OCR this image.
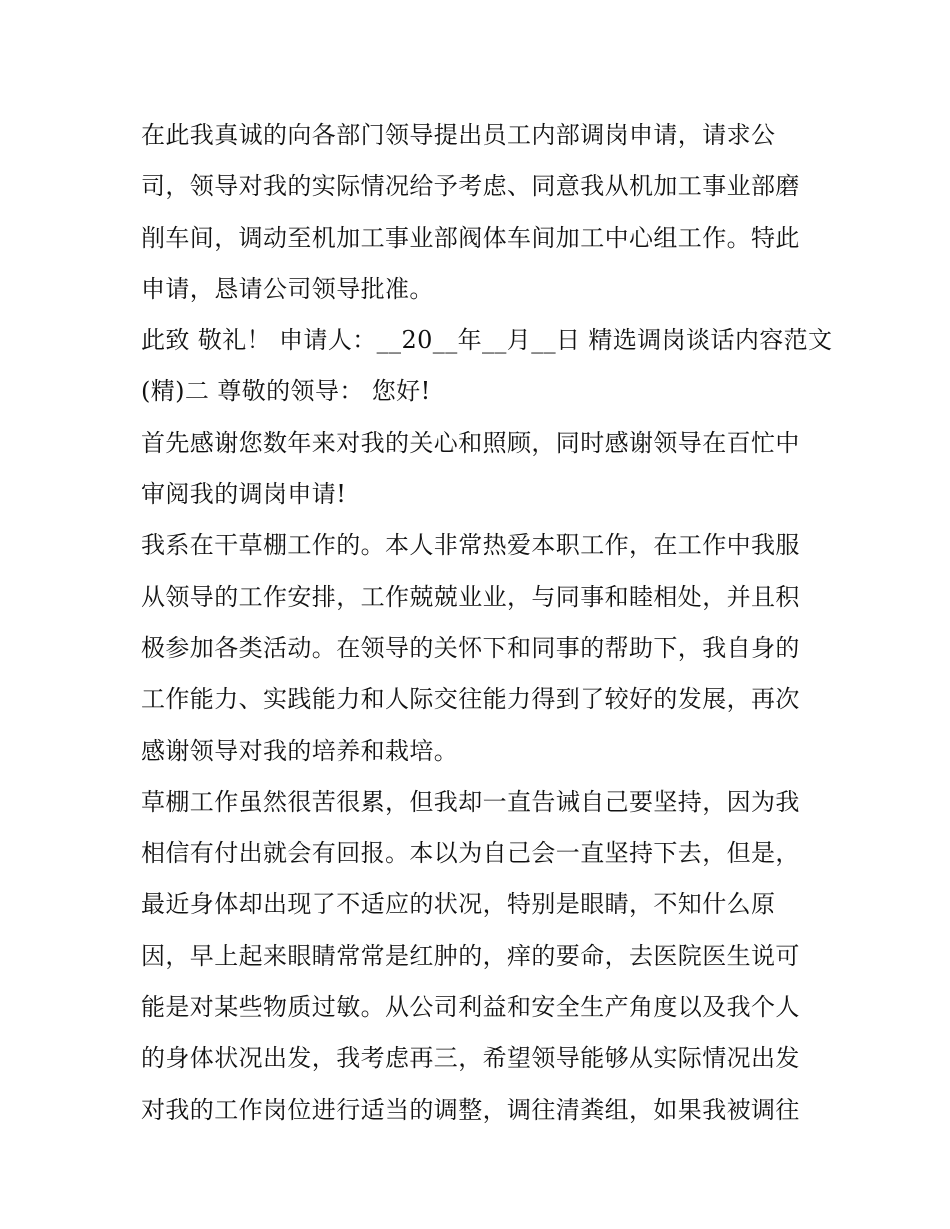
在此我真诚的向各部门领导提出员工内部调岗申请，请求公
司，领导对我的实际情况给予考虑、同意我从机加工事业部磨
削车间，调动至机加工事业部阀体车间加工中心组工作。特此
申请，恳请公司领导批准。
此致 敬礼！ 申请人：__20__年__月__日 精选调岗谈话内容范文
(精)二 尊敬的领导： 您好!
首先感谢您数年来对我的关心和照顾，同时感谢领导在百忙中
审阅我的调岗申请!
我系在干草棚工作的。本人非常热爱本职工作，在工作中我服
从领导的工作安排，工作兢兢业业，与同事和睦相处，并且积
极参加各类活动。在领导的关怀下和同事的帮助下，我自身的
工作能力、实践能力和人际交往能力得到了较好的发展，再次
感谢领导对我的培养和栽培。
草棚工作虽然很苦很累，但我却一直告诫自己要坚持，因为我
相信有付出就会有回报。本以为自己会一直坚持下去，但是，
最近身体却出现了不适应的状况，特别是眼睛，不知什么原
因，早上起来眼睛常常是红肿的，痒的要命，去医院医生说可
能是对某些物质过敏。从公司利益和安全生产角度以及我个人
的身体状况出发，我考虑再三，希望领导能够从实际情况出发
对我的工作岗位进行适当的调整，调往清粪组，如果我被调往
